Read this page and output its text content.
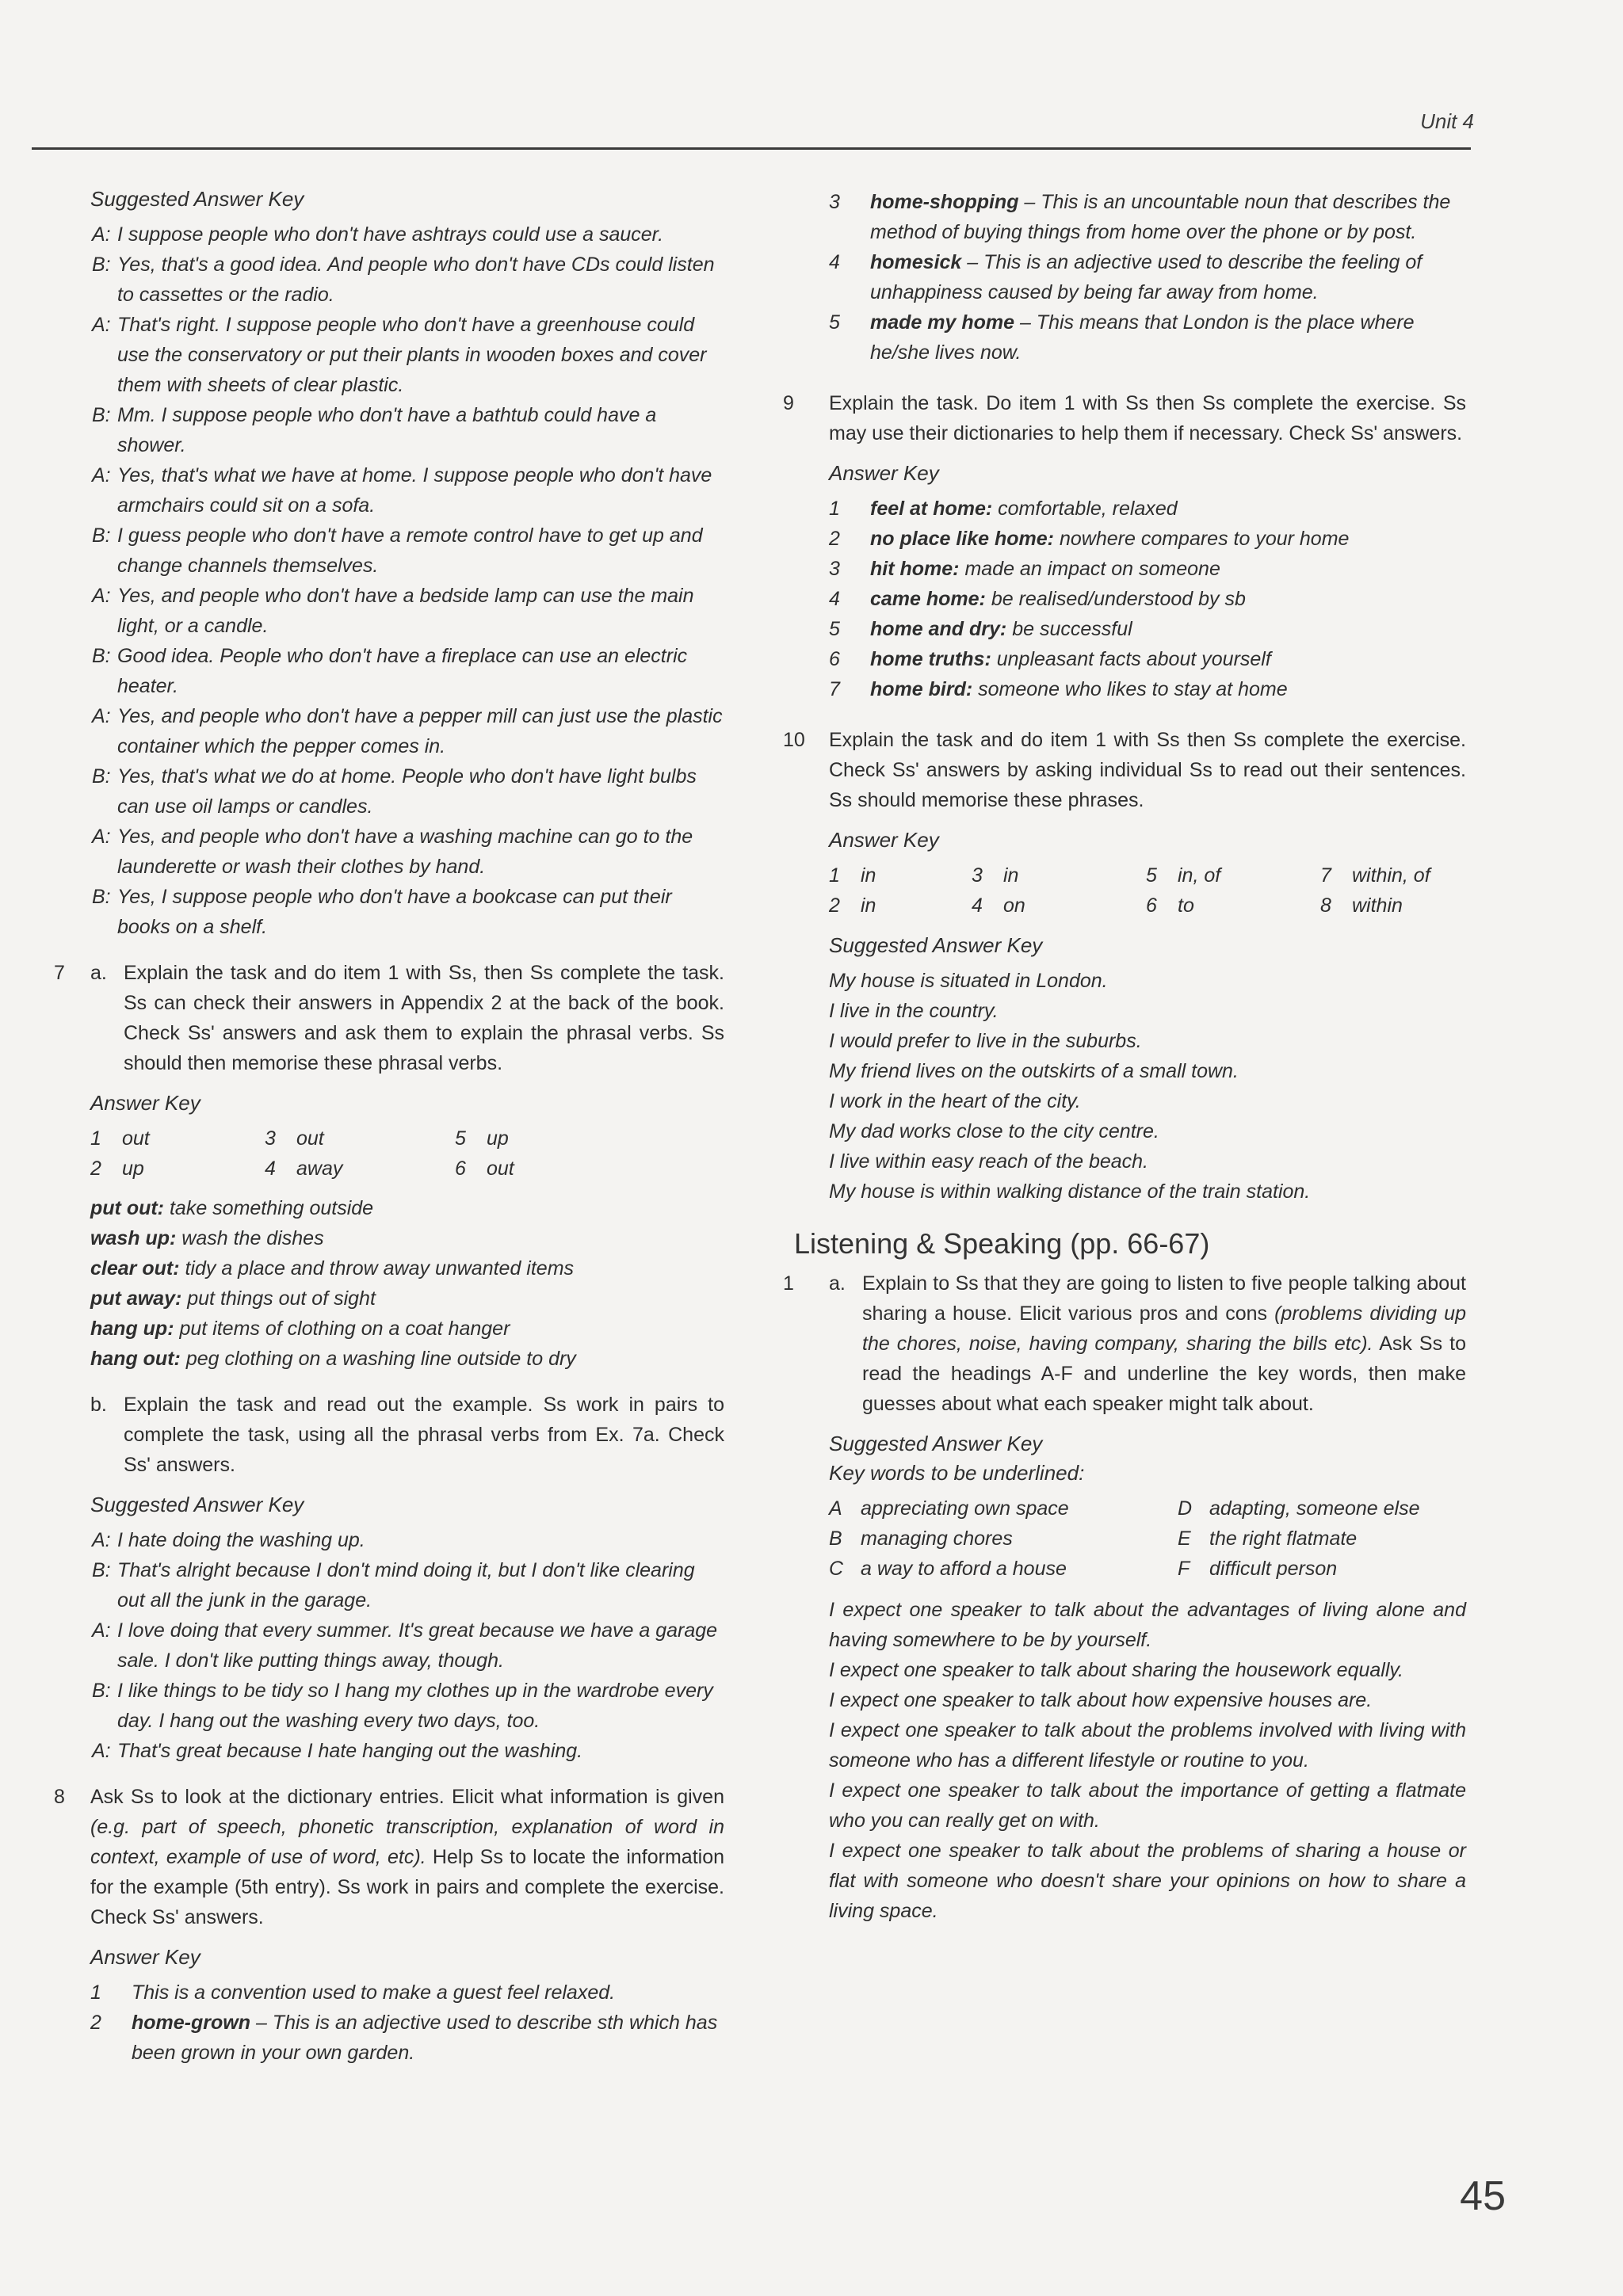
Unit 4
Suggested Answer Key
A: I suppose people who don't have ashtrays could use a saucer.
B: Yes, that's a good idea. And people who don't have CDs could listen to cassettes or the radio.
A: That's right. I suppose people who don't have a greenhouse could use the conservatory or put their plants in wooden boxes and cover them with sheets of clear plastic.
B: Mm. I suppose people who don't have a bathtub could have a shower.
A: Yes, that's what we have at home. I suppose people who don't have armchairs could sit on a sofa.
B: I guess people who don't have a remote control have to get up and change channels themselves.
A: Yes, and people who don't have a bedside lamp can use the main light, or a candle.
B: Good idea. People who don't have a fireplace can use an electric heater.
A: Yes, and people who don't have a pepper mill can just use the plastic container which the pepper comes in.
B: Yes, that's what we do at home. People who don't have light bulbs can use oil lamps or candles.
A: Yes, and people who don't have a washing machine can go to the launderette or wash their clothes by hand.
B: Yes, I suppose people who don't have a bookcase can put their books on a shelf.
7	a. Explain the task and do item 1 with Ss, then Ss complete the task. Ss can check their answers in Appendix 2 at the back of the book. Check Ss' answers and ask them to explain the phrasal verbs. Ss should then memorise these phrasal verbs.
Answer Key
1	out	3	out	5	up
2	up	4	away	6	out
put out: take something outside
wash up: wash the dishes
clear out: tidy a place and throw away unwanted items
put away: put things out of sight
hang up: put items of clothing on a coat hanger
hang out: peg clothing on a washing line outside to dry
b. Explain the task and read out the example. Ss work in pairs to complete the task, using all the phrasal verbs from Ex. 7a. Check Ss' answers.
Suggested Answer Key
A: I hate doing the washing up.
B: That's alright because I don't mind doing it, but I don't like clearing out all the junk in the garage.
A: I love doing that every summer. It's great because we have a garage sale. I don't like putting things away, though.
B: I like things to be tidy so I hang my clothes up in the wardrobe every day. I hang out the washing every two days, too.
A: That's great because I hate hanging out the washing.
8	Ask Ss to look at the dictionary entries. Elicit what information is given (e.g. part of speech, phonetic transcription, explanation of word in context, example of use of word, etc). Help Ss to locate the information for the example (5th entry). Ss work in pairs and complete the exercise. Check Ss' answers.
Answer Key
1	This is a convention used to make a guest feel relaxed.
2	home-grown – This is an adjective used to describe sth which has been grown in your own garden.
3	home-shopping – This is an uncountable noun that describes the method of buying things from home over the phone or by post.
4	homesick – This is an adjective used to describe the feeling of unhappiness caused by being far away from home.
5	made my home – This means that London is the place where he/she lives now.
9	Explain the task. Do item 1 with Ss then Ss complete the exercise. Ss may use their dictionaries to help them if necessary. Check Ss' answers.
Answer Key
1	feel at home: comfortable, relaxed
2	no place like home: nowhere compares to your home
3	hit home: made an impact on someone
4	came home: be realised/understood by sb
5	home and dry: be successful
6	home truths: unpleasant facts about yourself
7	home bird: someone who likes to stay at home
10	Explain the task and do item 1 with Ss then Ss complete the exercise. Check Ss' answers by asking individual Ss to read out their sentences. Ss should memorise these phrases.
Answer Key
1	in	3	in	5	in, of	7	within, of
2	in	4	on	6	to	8	within
Suggested Answer Key
My house is situated in London.
I live in the country.
I would prefer to live in the suburbs.
My friend lives on the outskirts of a small town.
I work in the heart of the city.
My dad works close to the city centre.
I live within easy reach of the beach.
My house is within walking distance of the train station.
Listening & Speaking (pp. 66-67)
1	a. Explain to Ss that they are going to listen to five people talking about sharing a house. Elicit various pros and cons (problems dividing up the chores, noise, having company, sharing the bills etc). Ask Ss to read the headings A-F and underline the key words, then make guesses about what each speaker might talk about.
Suggested Answer Key
Key words to be underlined:
A appreciating own space	D adapting, someone else
B managing chores	E the right flatmate
C a way to afford a house	F difficult person

I expect one speaker to talk about the advantages of living alone and having somewhere to be by yourself.

I expect one speaker to talk about sharing the housework equally.

I expect one speaker to talk about how expensive houses are.

I expect one speaker to talk about the problems involved with living with someone who has a different lifestyle or routine to you.

I expect one speaker to talk about the importance of getting a flatmate who you can really get on with.

I expect one speaker to talk about the problems of sharing a house or flat with someone who doesn't share your opinions on how to share a living space.

45
